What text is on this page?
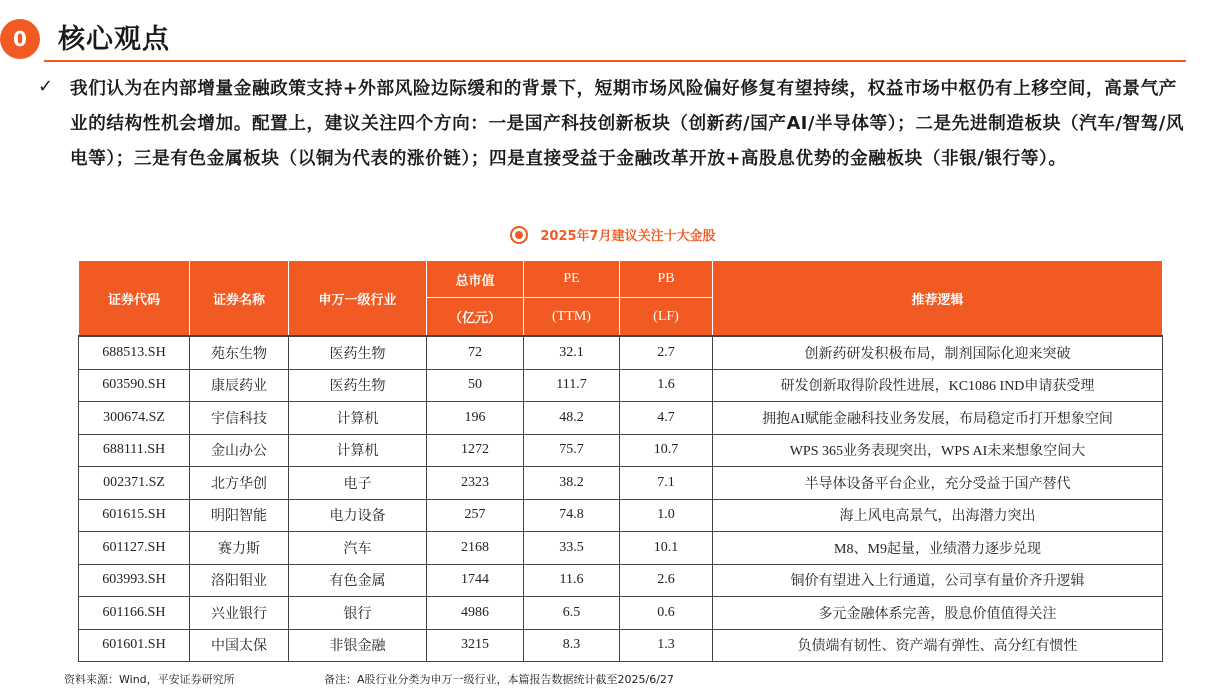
0	核心观点
✓ 我们认为在内部增量金融政策支持+外部风险边际缓和的背景下，短期市场风险偏好修复有望持续，权益市场中枢仍有上移空间，高景气产业的结构性机会增加。配置上，建议关注四个方向：一是国产科技创新板块（创新药/国产AI/半导体等）；二是先进制造板块（汽车/智驾/风电等）；三是有色金属板块（以铜为代表的涨价链）；四是直接受益于金融改革开放+高股息优势的金融板块（非银/银行等）。
2025年7月建议关注十大金股
证券代码	证券名称	申万一级行业	总市值	PE	PB	推荐逻辑
			（亿元）	(TTM)	(LF)	
688513.SH	苑东生物	医药生物	72	32.1	2.7	创新药研发积极布局，制剂国际化迎来突破
603590.SH	康辰药业	医药生物	50	111.7	1.6	研发创新取得阶段性进展，KC1086 IND申请获受理
300674.SZ	宇信科技	计算机	196	48.2	4.7	拥抱AI赋能金融科技业务发展，布局稳定币打开想象空间
688111.SH	金山办公	计算机	1272	75.7	10.7	WPS 365业务表现突出，WPS AI未来想象空间大
002371.SZ	北方华创	电子	2323	38.2	7.1	半导体设备平台企业，充分受益于国产替代
601615.SH	明阳智能	电力设备	257	74.8	1.0	海上风电高景气，出海潜力突出
601127.SH	赛力斯	汽车	2168	33.5	10.1	M8、M9起量，业绩潜力逐步兑现
603993.SH	洛阳钼业	有色金属	1744	11.6	2.6	铜价有望进入上行通道，公司享有量价齐升逻辑
601166.SH	兴业银行	银行	4986	6.5	0.6	多元金融体系完善，股息价值值得关注
601601.SH	中国太保	非银金融	3215	8.3	1.3	负债端有韧性、资产端有弹性、高分红有惯性
资料来源：Wind，平安证券研究所	备注：A股行业分类为申万一级行业，本篇报告数据统计截至2025/6/27
